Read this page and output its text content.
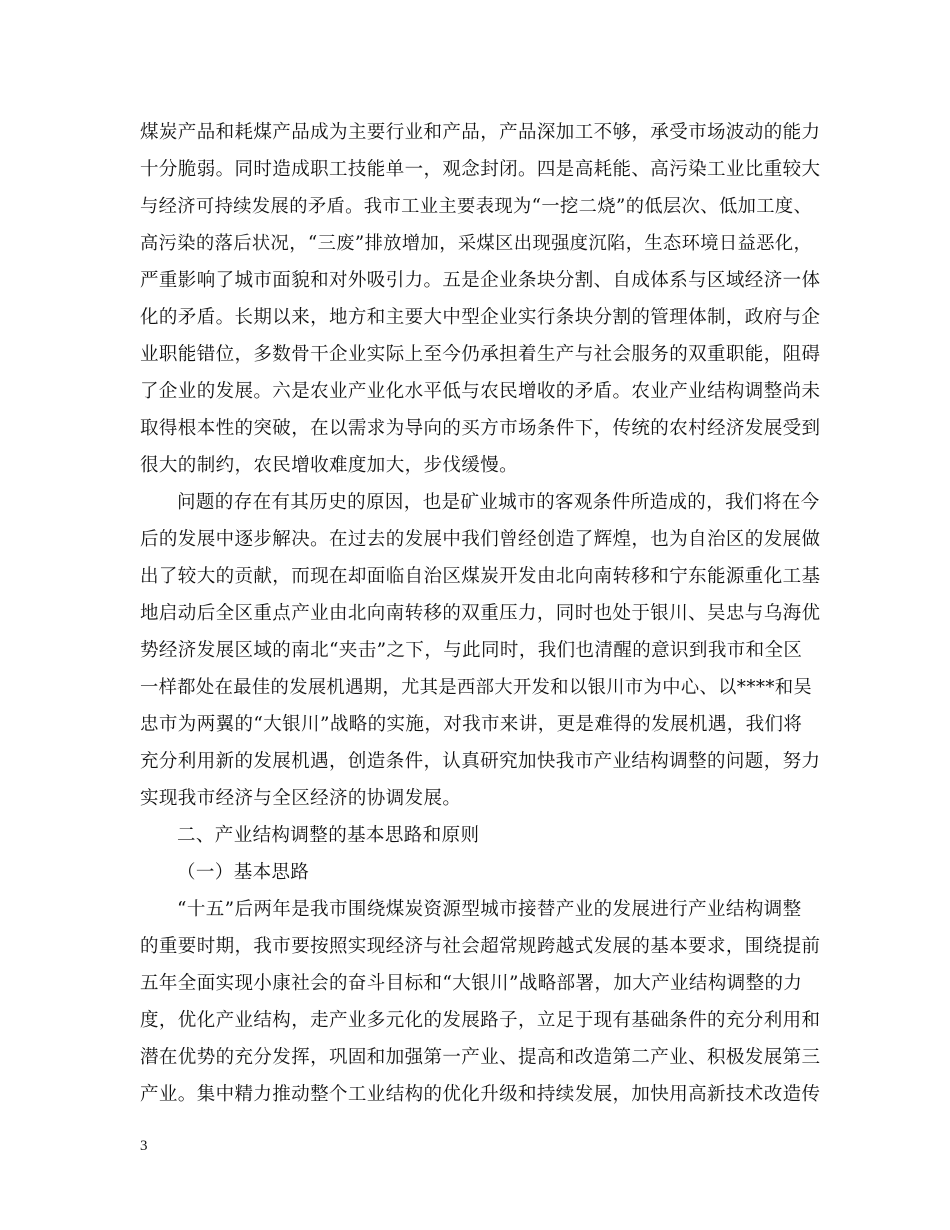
煤炭产品和耗煤产品成为主要行业和产品，产品深加工不够，承受市场波动的能力
十分脆弱。同时造成职工技能单一，观念封闭。四是高耗能、高污染工业比重较大
与经济可持续发展的矛盾。我市工业主要表现为“一挖二烧”的低层次、低加工度、
高污染的落后状况，“三废”排放增加，采煤区出现强度沉陷，生态环境日益恶化，
严重影响了城市面貌和对外吸引力。五是企业条块分割、自成体系与区域经济一体
化的矛盾。长期以来，地方和主要大中型企业实行条块分割的管理体制，政府与企
业职能错位，多数骨干企业实际上至今仍承担着生产与社会服务的双重职能，阻碍
了企业的发展。六是农业产业化水平低与农民增收的矛盾。农业产业结构调整尚未
取得根本性的突破，在以需求为导向的买方市场条件下，传统的农村经济发展受到
很大的制约，农民增收难度加大，步伐缓慢。
问题的存在有其历史的原因，也是矿业城市的客观条件所造成的，我们将在今
后的发展中逐步解决。在过去的发展中我们曾经创造了辉煌，也为自治区的发展做
出了较大的贡献，而现在却面临自治区煤炭开发由北向南转移和宁东能源重化工基
地启动后全区重点产业由北向南转移的双重压力，同时也处于银川、吴忠与乌海优
势经济发展区域的南北“夹击”之下，与此同时，我们也清醒的意识到我市和全区
一样都处在最佳的发展机遇期，尤其是西部大开发和以银川市为中心、以****和吴
忠市为两翼的“大银川”战略的实施，对我市来讲，更是难得的发展机遇，我们将
充分利用新的发展机遇，创造条件，认真研究加快我市产业结构调整的问题，努力
实现我市经济与全区经济的协调发展。
二、产业结构调整的基本思路和原则
（一）基本思路
“十五”后两年是我市围绕煤炭资源型城市接替产业的发展进行产业结构调整
的重要时期，我市要按照实现经济与社会超常规跨越式发展的基本要求，围绕提前
五年全面实现小康社会的奋斗目标和“大银川”战略部署，加大产业结构调整的力
度，优化产业结构，走产业多元化的发展路子，立足于现有基础条件的充分利用和
潜在优势的充分发挥，巩固和加强第一产业、提高和改造第二产业、积极发展第三
产业。集中精力推动整个工业结构的优化升级和持续发展，加快用高新技术改造传
3
